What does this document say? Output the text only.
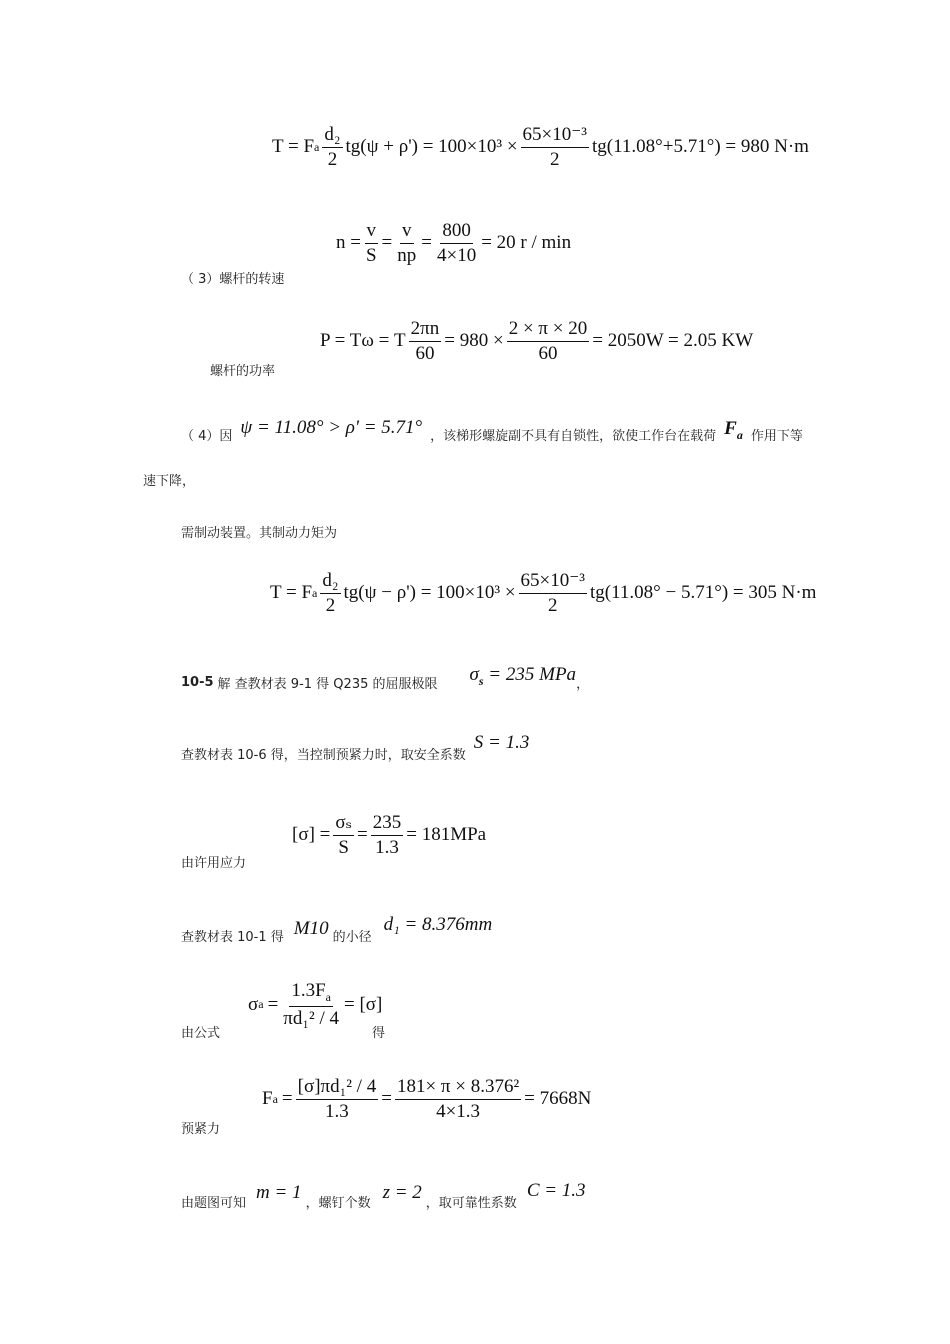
T = F a $\frac{\text{d₂}}{2} tg(\psi + \rho') = 100\times 10^3 \times \frac{\text{65×10⁻³}}{2} tg(11.08^\circ+5.71^\circ) = 980$ N·m
$n = \frac{v}{S} = \frac{v}{np} = \frac{800}{4\times 10} = 20$ r / min
（ 3）螺杆的转速
P = Tω = T $\frac{2\pi n}{60} = 980 \times \frac{2 \times \pi \times 20}{60} = 2050W = 2.05$ KW
螺杆的功率
（ 4）因 ψ = 11.08° > ρ' = 5.71° ，该梯形螺旋副不具有自锁性，欲使工作台在载荷 $F_a$ 作用下等
速下降，
需制动装置。其制动力矩为
T = F a $\frac{\text{d₂}}{2} tg(\psi - \rho') = 100\times 10^3 \times \frac{\text{65×10⁻³}}{2} tg(11.08^\circ - 5.71^\circ) = 305$ N·m
10-5 解 查教材表 9-1 得 Q235 的屈服极限 $\sigma_s = 235$ MPa ，
查教材表 10-6 得，当控制预紧力时，取安全系数
S = 1.3
$[\sigma] = \frac{\text{σₛ}}{S} = \frac{235}{1.3} = 181MPa$
由许用应力
查教材表 10-1 得 M10 的小径
d₁ = 8.376mm
σ $a = \frac{1.3F_a}{\text{πd₁² / 4}} = [\sigma]$
由公式	得
F $a = \frac{\text{[σ]πd₁² / 4}}{1.3} = \frac{\text{181× π × 8.376²}}{4\times 1.3} = 7668N$
预紧力
由题图可知 m = 1 ，螺钉个数 z = 2 ，取可靠性系数
C = 1.3
